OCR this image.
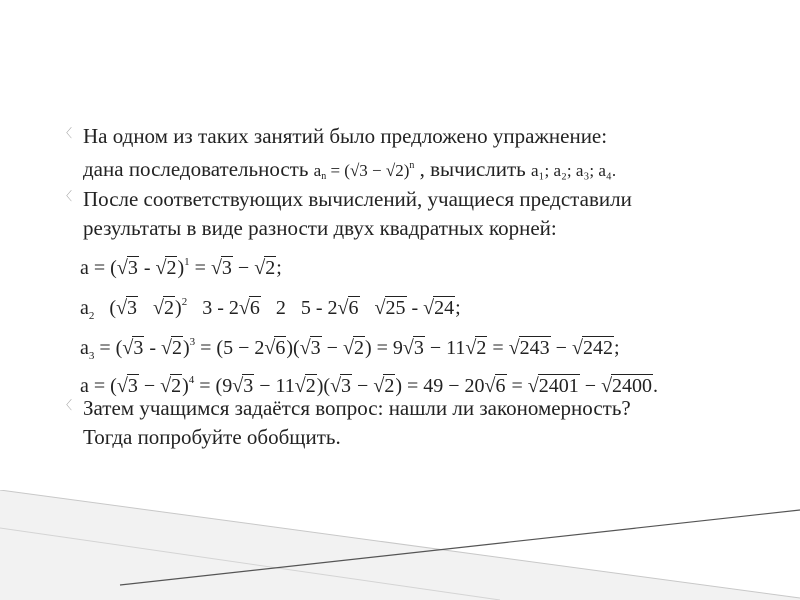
〈 На одном из таких занятий было предложено упражнение:
дана последовательность an = $(√3 - √2)^n$ , вычислить a₁; a₂; a₃; a₄.
〈 После соответствующих вычислений, учащиеся представили
результаты в виде разности двух квадратных корней:
a = (√3 - √2)$^1$ = √3 − √2;
$a_2$   (√3 √2)$^2$   3 - 2√6   2   5 - 2√6 √25 - √24;
$a_3 = (√3 - √2)^3 = (5 - 2√6)(√3 - √2) = 9√3 - 11√2 = √243 - √242$;
$a = (√3 - √2)^4 = (9√3 - 11√2)(√3 - √2) = 49 - 20√6 = √2401 - √2400$.
〈 Затем учащимся задаётся вопрос: нашли ли закономерность?
Тогда попробуйте обобщить.
